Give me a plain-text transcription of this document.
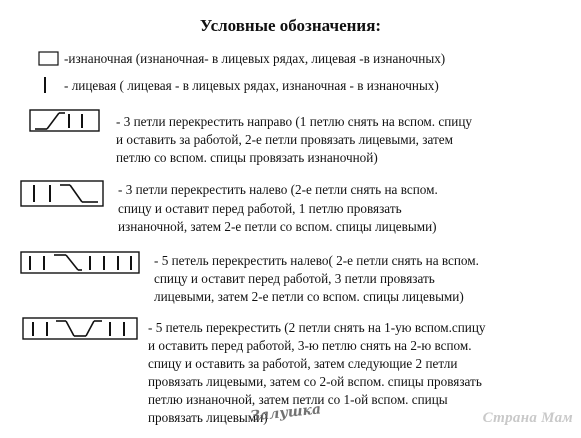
Условные обозначения:
-изнаночная (изнаночная- в лицевых рядах, лицевая -в изнаночных)
- лицевая ( лицевая - в лицевых рядах, изнаночная - в изнаночных)
- 3 петли перекрестить направо (1 петлю снять на вспом. спицу
и оставить за работой, 2-е петли провязать лицевыми, затем
петлю со вспом. спицы провязать изнаночной)
- 3 петли перекрестить налево (2-е петли снять на вспом.
спицу и оставит перед работой, 1 петлю провязать
изнаночной, затем 2-е петли со вспом. спицы лицевыми)
- 5 петель перекрестить налево( 2-е петли снять на вспом.
спицу и оставит перед работой, 3 петли провязать
лицевыми, затем 2-е петли со вспом. спицы лицевыми)
- 5 петель перекрестить (2 петли снять на 1-ую вспом.спицу
и оставить перед работой, 3-ю петлю снять на 2-ю вспом.
спицу и оставить за работой, затем следующие 2 петли
провязать лицевыми, затем со 2-ой вспом. спицы провязать
петлю изнаночной, затем петли со 1-ой вспом. спицы
провязать лицевыми)
Залушка	Страна Мам
